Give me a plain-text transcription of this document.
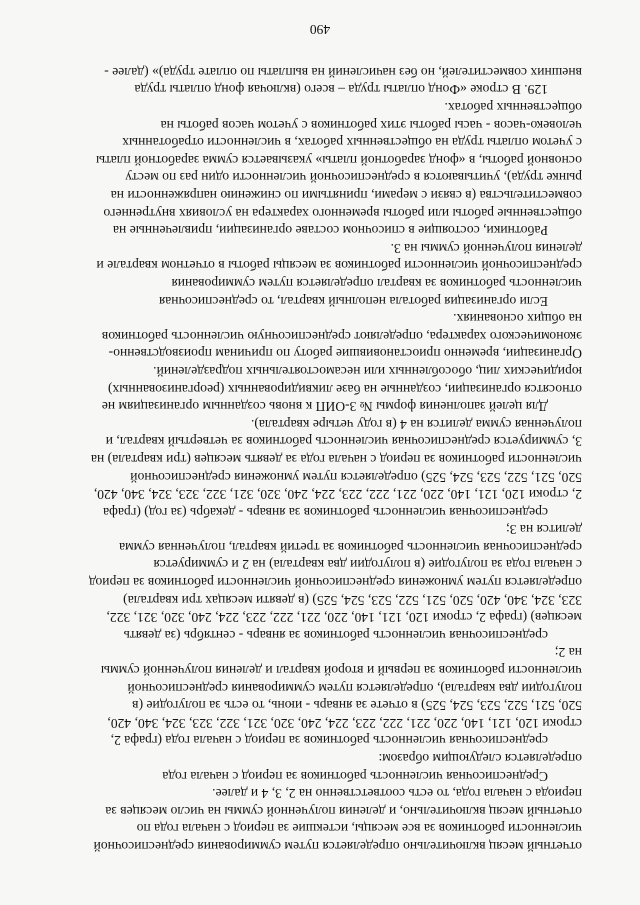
отчетный месяц включительно определяется путем суммирования среднесписочной
численности работников за все месяцы, истекшие за период с начала года по
отчетный месяц включительно, и деления полученной суммы на число месяцев за
периода с начала года, то есть соответственно на 2, 3, 4 и далее.
Среднесписочная численность работников за период с начала года
определяется следующим образом:
среднесписочная численность работников за период с начала года (графа 2,
строки 120, 121, 140, 220, 221, 222, 223, 224, 240, 320, 321, 322, 323, 324, 340, 420,
520, 521, 522, 523, 524, 525) в отчете за январь - июнь, то есть за полугодие (в
полугодии два квартала), определяется путем суммирования среднесписочной
численности работников за первый и второй квартал и деления полученной суммы
на 2;
среднесписочная численность работников за январь - сентябрь (за девять
месяцев) (графа 2, строки 120, 121, 140, 220, 221, 222, 223, 224, 240, 320, 321, 322,
323, 324, 340, 420, 520, 521, 522, 523, 524, 525) (в девяти месяцах три квартала)
определяется путем умножения среднесписочной численности работников за период
с начала года за полугодие (в полугодии два квартала) на 2 и суммируется
среднесписочная численность работников за третий квартал, полученная сумма
делится на 3;
среднесписочная численность работников за январь - декабрь (за год) (графа
2, строки 120, 121, 140, 220, 221, 222, 223, 224, 240, 320, 321, 322, 323, 324, 340, 420,
520, 521, 522, 523, 524, 525) определяется путем умножения среднесписочной
численности работников за период с начала года за девять месяцев (три квартала) на
3, суммируется среднесписочная численность работников за четвертый квартал, и
полученная сумма делится на 4 (в году четыре квартала).
Для целей заполнения формы № 3-ОИП к вновь созданным организациям не
относятся организации, созданные на базе ликвидированных (реорганизованных)
юридических лиц, обособленных или несамостоятельных подразделений.
Организации, временно приостановившие работу по причинам производственно-
экономического характера, определяют среднесписочную численность работников
на общих основаниях.
Если организация работала неполный квартал, то среднесписочная
численность работников за квартал определяется путем суммирования
среднесписочной численности работников за месяцы работы в отчетном квартале и
деления полученной суммы на 3.
Работники, состоящие в списочном составе организации, привлеченные на
общественные работы или работы временного характера на условиях внутреннего
совместительства (в связи с мерами, принятыми по снижению напряженности на
рынке труда), учитываются в среднесписочной численности один раз по месту
основной работы, в «фонд заработной платы» указывается сумма заработной платы
с учетом оплаты труда на общественных работах, в численности отработанных
человеко-часов - часы работы этих работников с учетом часов работы на
общественных работах.
129. В строке «Фонд оплаты труда – всего (включая фонд оплаты труда
внешних совместителей, но без начислений на выплаты по оплате труда)» (далее -
490
